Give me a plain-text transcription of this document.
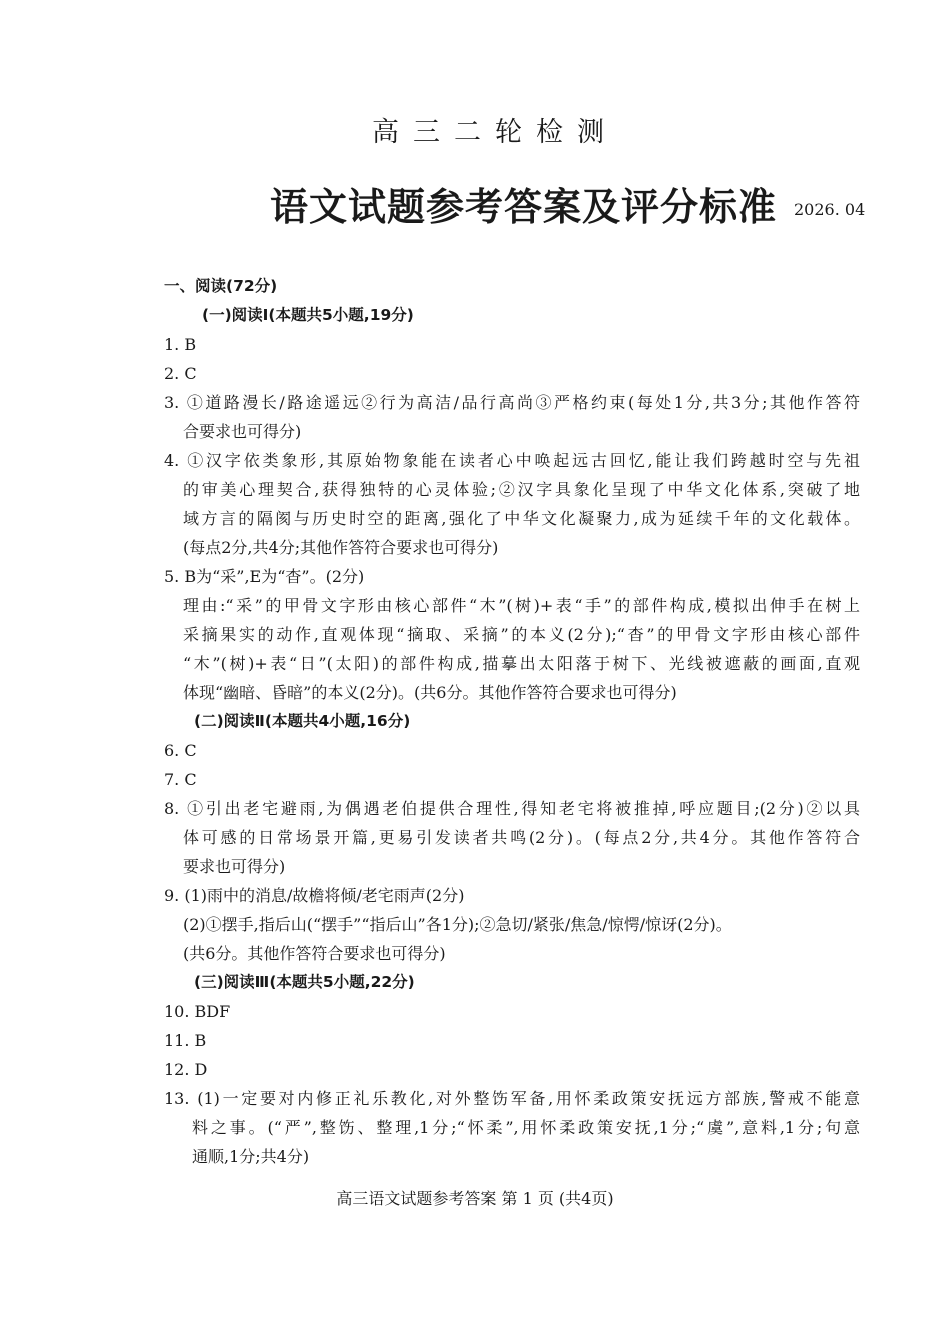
高三二轮检测
语文试题参考答案及评分标准 2026. 04
一、阅读(72分)
(一)阅读Ⅰ(本题共5小题,19分)
1. B
2. C
3. ①道路漫长/路途遥远②行为高洁/品行高尚③严格约束(每处1分,共3分;其他作答符
合要求也可得分)
4. ①汉字依类象形,其原始物象能在读者心中唤起远古回忆,能让我们跨越时空与先祖
的审美心理契合,获得独特的心灵体验;②汉字具象化呈现了中华文化体系,突破了地
域方言的隔阂与历史时空的距离,强化了中华文化凝聚力,成为延续千年的文化载体。
(每点2分,共4分;其他作答符合要求也可得分)
5. B为“采”,E为“杳”。(2分)
理由:“采”的甲骨文字形由核心部件“木”(树)+表“手”的部件构成,模拟出伸手在树上
采摘果实的动作,直观体现“摘取、采摘”的本义(2分);“杳”的甲骨文字形由核心部件
“木”(树)+表“日”(太阳)的部件构成,描摹出太阳落于树下、光线被遮蔽的画面,直观
体现“幽暗、昏暗”的本义(2分)。(共6分。其他作答符合要求也可得分)
(二)阅读Ⅱ(本题共4小题,16分)
6. C
7. C
8. ①引出老宅避雨,为偶遇老伯提供合理性,得知老宅将被推掉,呼应题目;(2分)②以具
体可感的日常场景开篇,更易引发读者共鸣(2分)。(每点2分,共4分。其他作答符合
要求也可得分)
9. (1)雨中的消息/故檐将倾/老宅雨声(2分)
(2)①摆手,指后山(“摆手”“指后山”各1分);②急切/紧张/焦急/惊愕/惊讶(2分)。
(共6分。其他作答符合要求也可得分)
(三)阅读Ⅲ(本题共5小题,22分)
10. BDF
11. B
12. D
13. (1)一定要对内修正礼乐教化,对外整饬军备,用怀柔政策安抚远方部族,警戒不能意
料之事。(“严”,整饬、整理,1分;“怀柔”,用怀柔政策安抚,1分;“虞”,意料,1分;句意
通顺,1分;共4分)
高三语文试题参考答案 第 1 页 (共4页)
